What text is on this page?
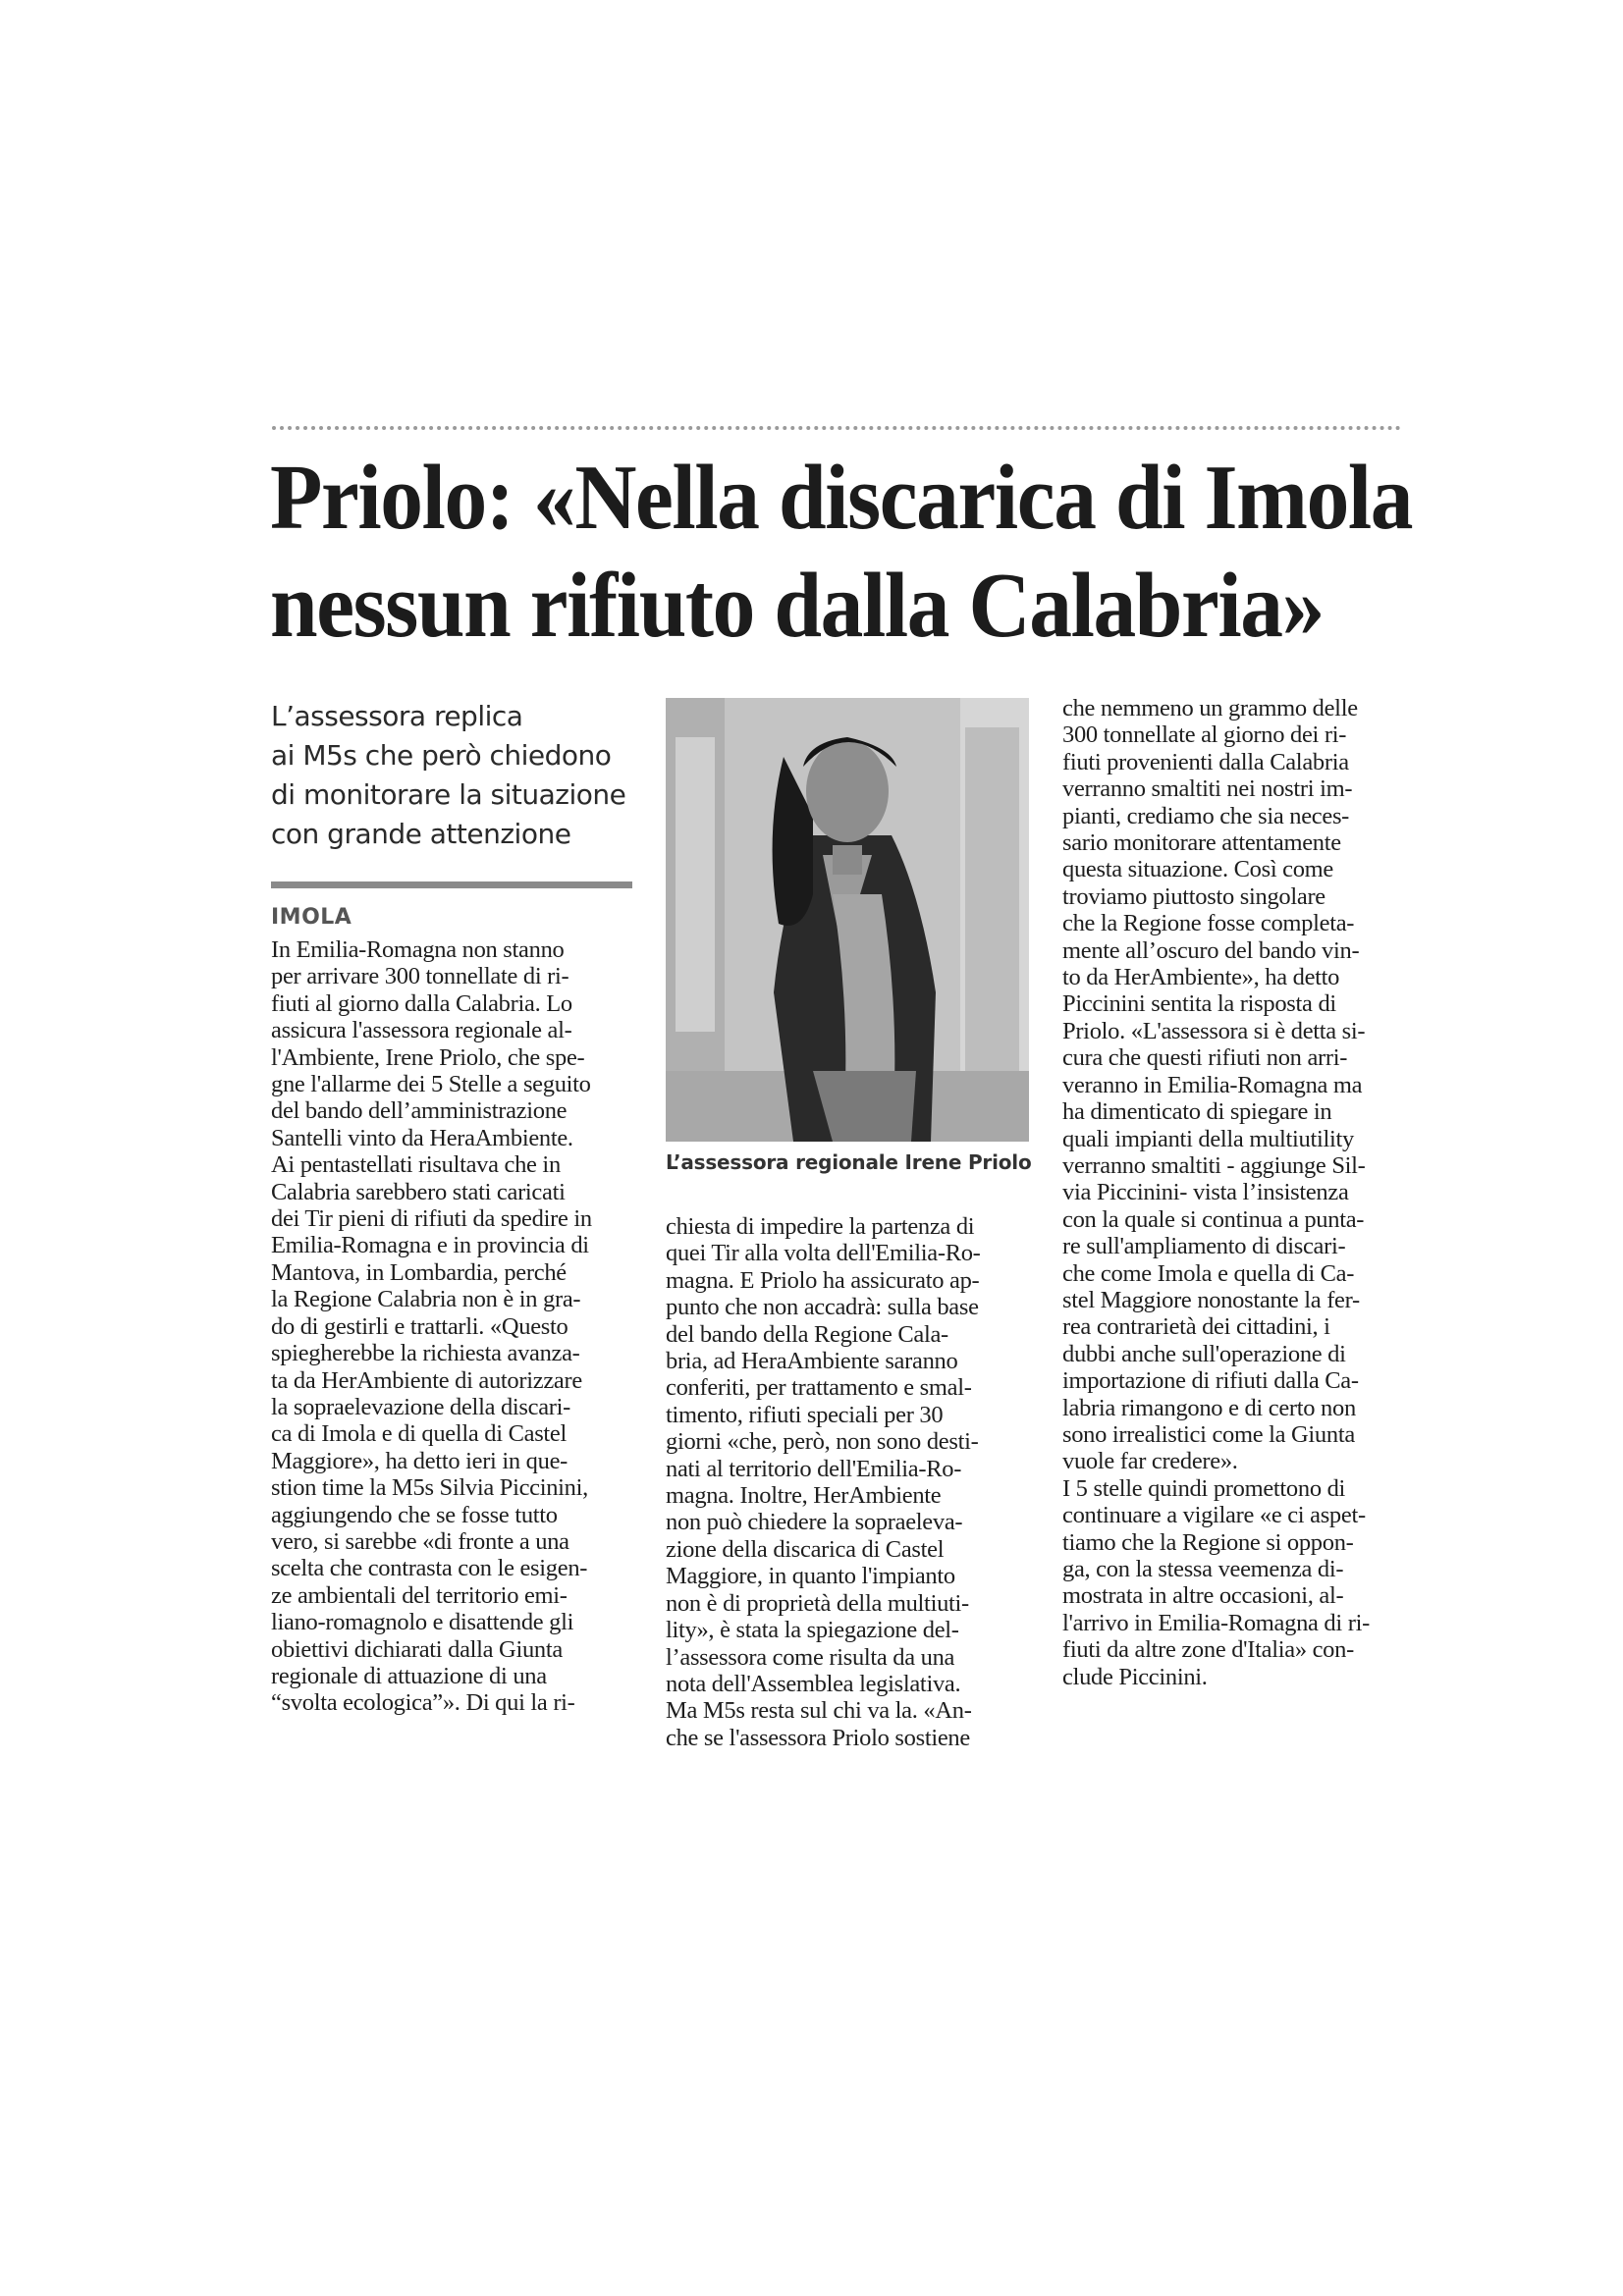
Priolo: «Nella discarica di Imola
nessun rifiuto dalla Calabria»
L’assessora replica
ai M5s che però chiedono
di monitorare la situazione
con grande attenzione
IMOLA
In Emilia-Romagna non stanno
per arrivare 300 tonnellate di ri-
fiuti al giorno dalla Calabria. Lo
assicura l'assessora regionale al-
l'Ambiente, Irene Priolo, che spe-
gne l'allarme dei 5 Stelle a seguito
del bando dell’amministrazione
Santelli vinto da HeraAmbiente.
Ai pentastellati risultava che in
Calabria sarebbero stati caricati
dei Tir pieni di rifiuti da spedire in
Emilia-Romagna e in provincia di
Mantova, in Lombardia, perché
la Regione Calabria non è in gra-
do di gestirli e trattarli. «Questo
spiegherebbe la richiesta avanza-
ta da HerAmbiente di autorizzare
la sopraelevazione della discari-
ca di Imola e di quella di Castel
Maggiore», ha detto ieri in que-
stion time la M5s Silvia Piccinini,
aggiungendo che se fosse tutto
vero, si sarebbe «di fronte a una
scelta che contrasta con le esigen-
ze ambientali del territorio emi-
liano-romagnolo e disattende gli
obiettivi dichiarati dalla Giunta
regionale di attuazione di una
“svolta ecologica”». Di qui la ri-
L’assessora regionale Irene Priolo
chiesta di impedire la partenza di
quei Tir alla volta dell'Emilia-Ro-
magna. E Priolo ha assicurato ap-
punto che non accadrà: sulla base
del bando della Regione Cala-
bria, ad HeraAmbiente saranno
conferiti, per trattamento e smal-
timento, rifiuti speciali per 30
giorni «che, però, non sono desti-
nati al territorio dell'Emilia-Ro-
magna. Inoltre, HerAmbiente
non può chiedere la sopraeleva-
zione della discarica di Castel
Maggiore, in quanto l'impianto
non è di proprietà della multiuti-
lity», è stata la spiegazione del-
l’assessora come risulta da una
nota dell'Assemblea legislativa.
Ma M5s resta sul chi va la. «An-
che se l'assessora Priolo sostiene
che nemmeno un grammo delle
300 tonnellate al giorno dei ri-
fiuti provenienti dalla Calabria
verranno smaltiti nei nostri im-
pianti, crediamo che sia neces-
sario monitorare attentamente
questa situazione. Così come
troviamo piuttosto singolare
che la Regione fosse completa-
mente all’oscuro del bando vin-
to da HerAmbiente», ha detto
Piccinini sentita la risposta di
Priolo. «L'assessora si è detta si-
cura che questi rifiuti non arri-
veranno in Emilia-Romagna ma
ha dimenticato di spiegare in
quali impianti della multiutility
verranno smaltiti - aggiunge Sil-
via Piccinini- vista l’insistenza
con la quale si continua a punta-
re sull'ampliamento di discari-
che come Imola e quella di Ca-
stel Maggiore nonostante la fer-
rea contrarietà dei cittadini, i
dubbi anche sull'operazione di
importazione di rifiuti dalla Ca-
labria rimangono e di certo non
sono irrealistici come la Giunta
vuole far credere».
I 5 stelle quindi promettono di
continuare a vigilare «e ci aspet-
tiamo che la Regione si oppon-
ga, con la stessa veemenza di-
mostrata in altre occasioni, al-
l'arrivo in Emilia-Romagna di ri-
fiuti da altre zone d'Italia» con-
clude Piccinini.
